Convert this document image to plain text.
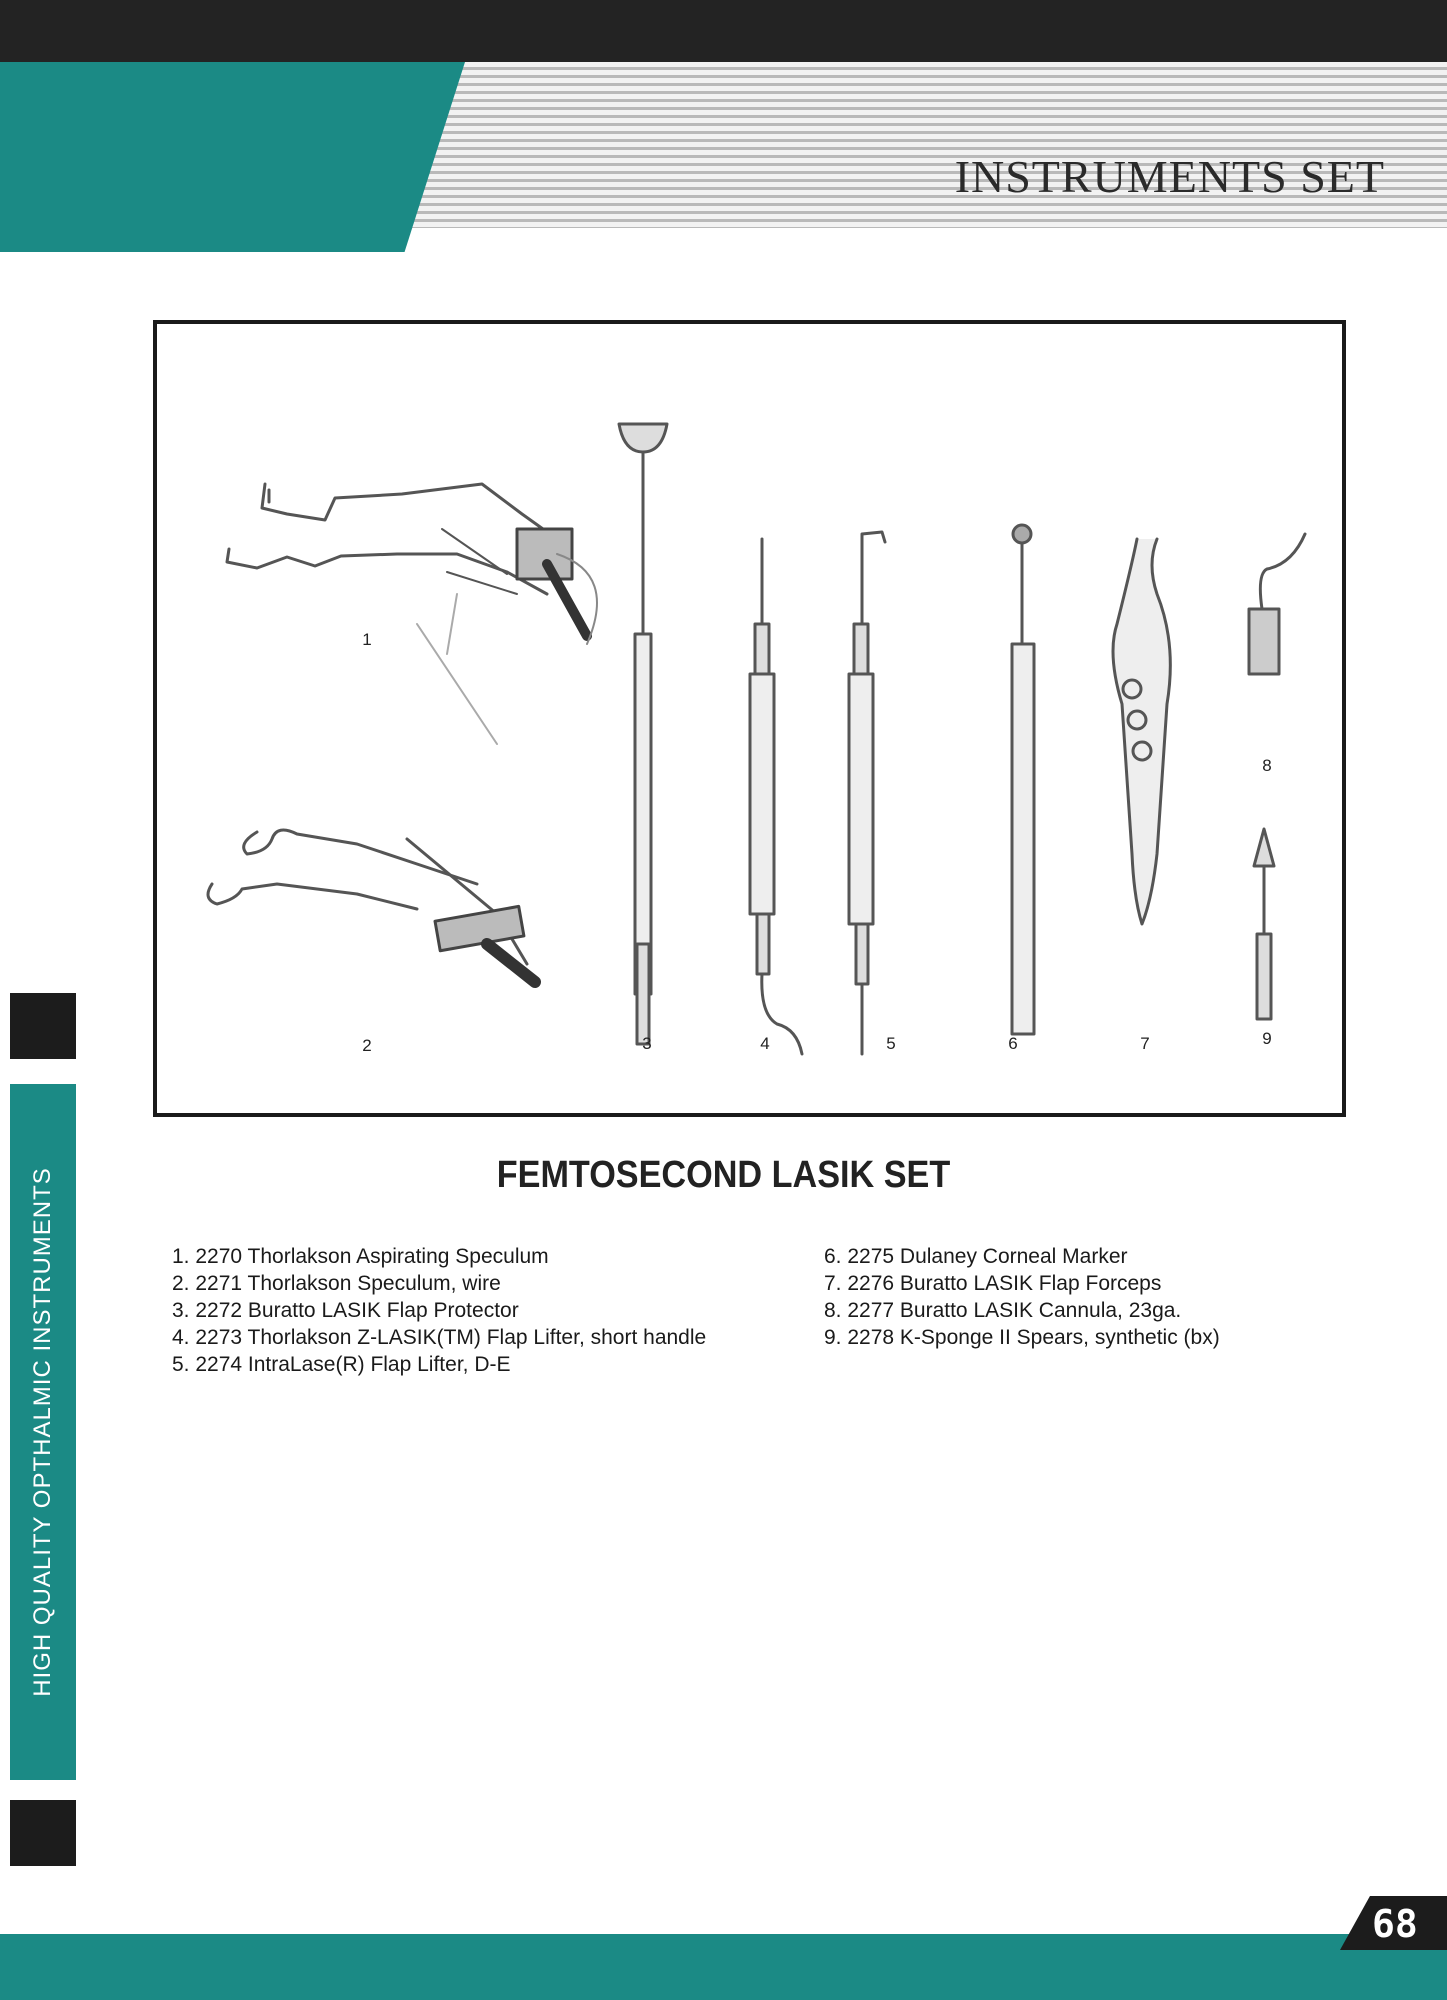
INSTRUMENTS SET
HIGH QUALITY OPTHALMIC INSTRUMENTS
1
2	3	4	5	6	7
8
9
FEMTOSECOND LASIK SET
1. 2270 Thorlakson Aspirating Speculum
2. 2271 Thorlakson Speculum, wire
3. 2272 Buratto LASIK Flap Protector
4. 2273 Thorlakson Z-LASIK(TM) Flap Lifter, short handle
5. 2274 IntraLase(R) Flap Lifter, D-E
6. 2275 Dulaney Corneal Marker
7. 2276 Buratto LASIK Flap Forceps
8. 2277 Buratto LASIK Cannula, 23ga.
9. 2278 K-Sponge II Spears, synthetic (bx)
68
